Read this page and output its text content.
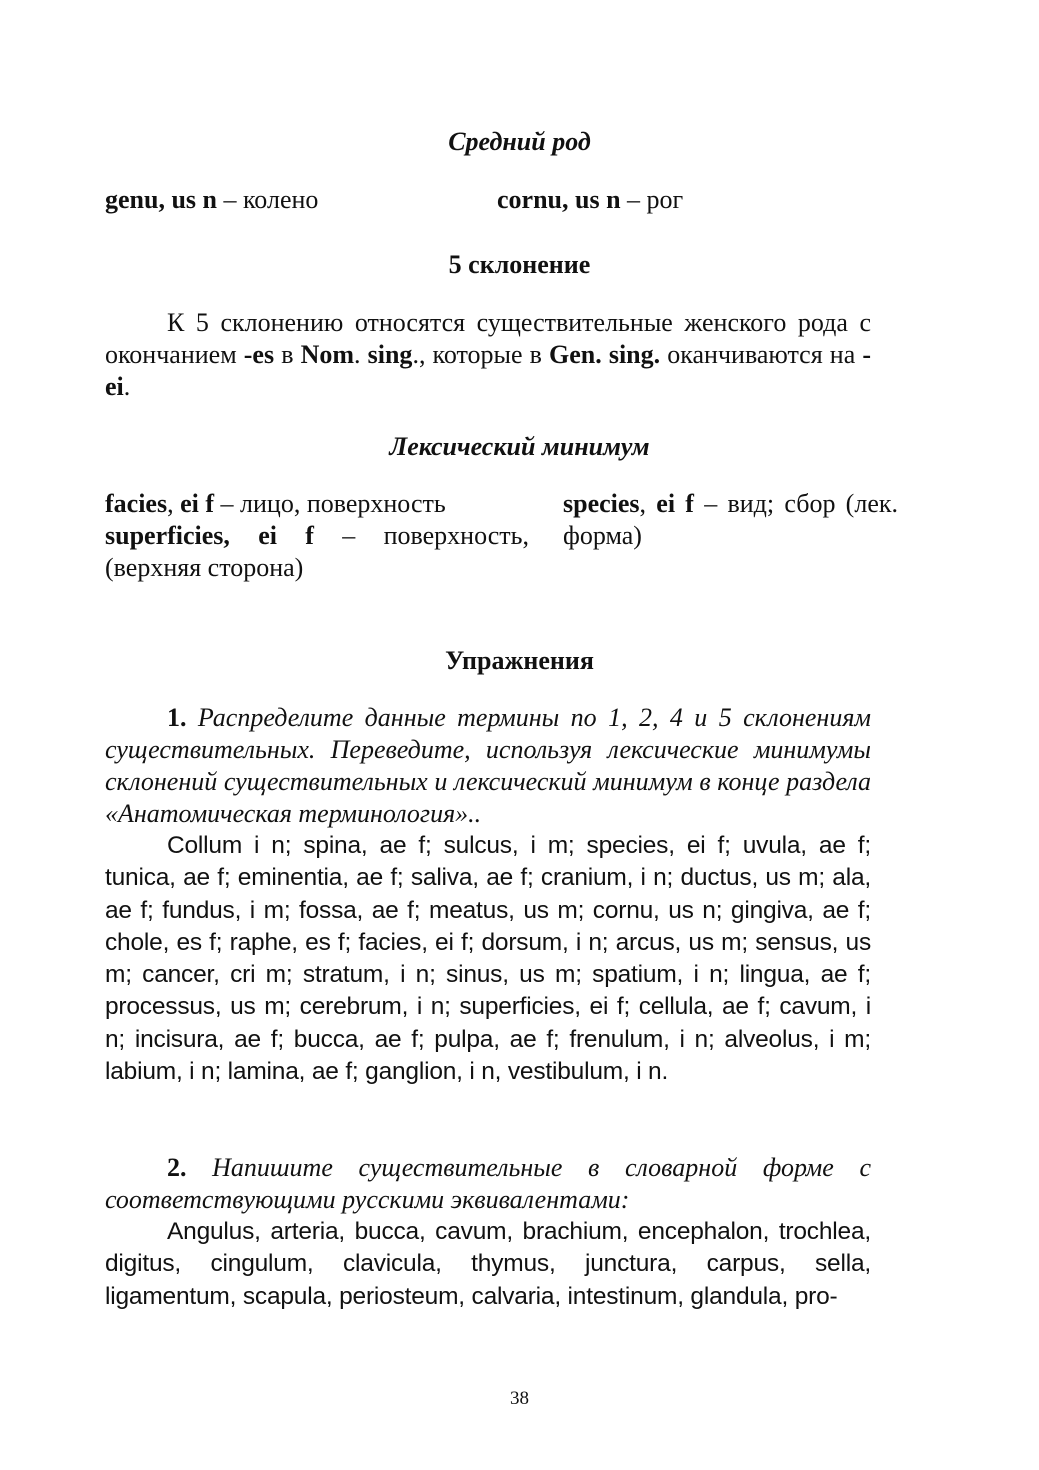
Средний род
genu, us n – колено	cornu, us n – рог
5 склонение
К 5 склонению относятся существительные женского рода с окончанием -es в Nom. sing., которые в Gen. sing. оканчиваются на -ei.
Лексический минимум
facies, ei f – лицо, поверхность
superficies, ei f – поверхность, (верхняя сторона)
species, ei f – вид; сбор (лек. форма)
Упражнения
1. Распределите данные термины по 1, 2, 4 и 5 склонениям существительных. Переведите, используя лексические минимумы склонений существительных и лексический минимум в конце раздела «Анатомическая терминология»..
Collum i n; spina, ae f; sulcus, i m; species, ei f; uvula, ae f; tunica, ae f; eminentia, ae f; saliva, ae f; cranium, i n; ductus, us m; ala, ae f; fundus, i m; fossa, ae f; meatus, us m; cornu, us n; gingiva, ae f; chole, es f; raphe, es f; facies, ei f; dorsum, i n; arcus, us m; sensus, us m; cancer, cri m; stratum, i n; sinus, us m; spatium, i n; lingua, ae f; processus, us m; cerebrum, i n; superficies, ei f; cellula, ae f; cavum, i n; incisura, ae f; bucca, ae f; pulpa, ae f; frenulum, i n; alveolus, i m; labium, i n; lamina, ae f; ganglion, i n, vestibulum, i n.
2. Напишите существительные в словарной форме с соответствующими русскими эквивалентами:
Angulus, arteria, bucca, cavum, brachium, encephalon, trochlea, digitus, cingulum, clavicula, thymus, junctura, carpus, sella, ligamentum, scapula, periosteum, calvaria, intestinum, glandula, pro-
38
